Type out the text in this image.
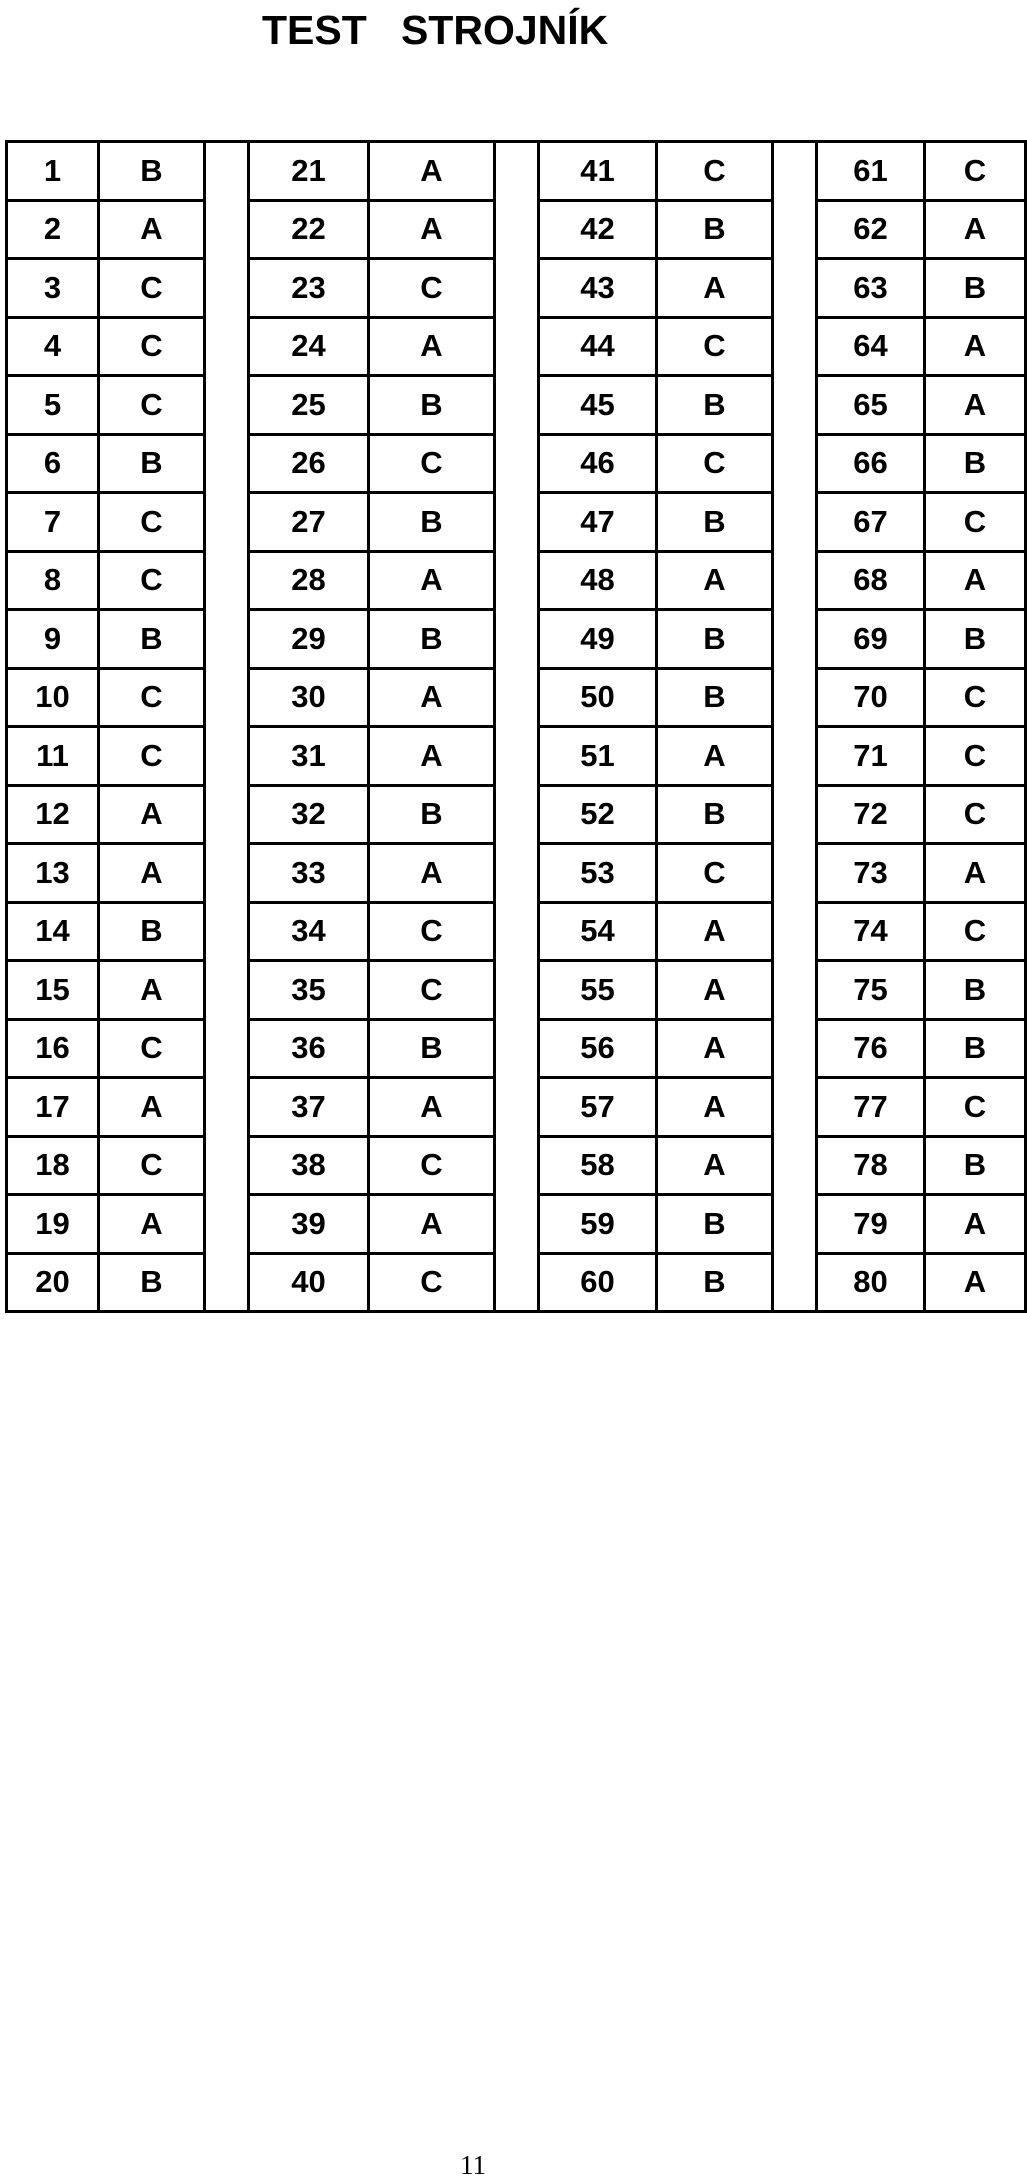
TEST   STROJNÍK
1	B		21	A		41	C		61	C
2	A		22	A		42	B		62	A
3	C		23	C		43	A		63	B
4	C		24	A		44	C		64	A
5	C		25	B		45	B		65	A
6	B		26	C		46	C		66	B
7	C		27	B		47	B		67	C
8	C		28	A		48	A		68	A
9	B		29	B		49	B		69	B
10	C		30	A		50	B		70	C
11	C		31	A		51	A		71	C
12	A		32	B		52	B		72	C
13	A		33	A		53	C		73	A
14	B		34	C		54	A		74	C
15	A		35	C		55	A		75	B
16	C		36	B		56	A		76	B
17	A		37	A		57	A		77	C
18	C		38	C		58	A		78	B
19	A		39	A		59	B		79	A
20	B		40	C		60	B		80	A

11
